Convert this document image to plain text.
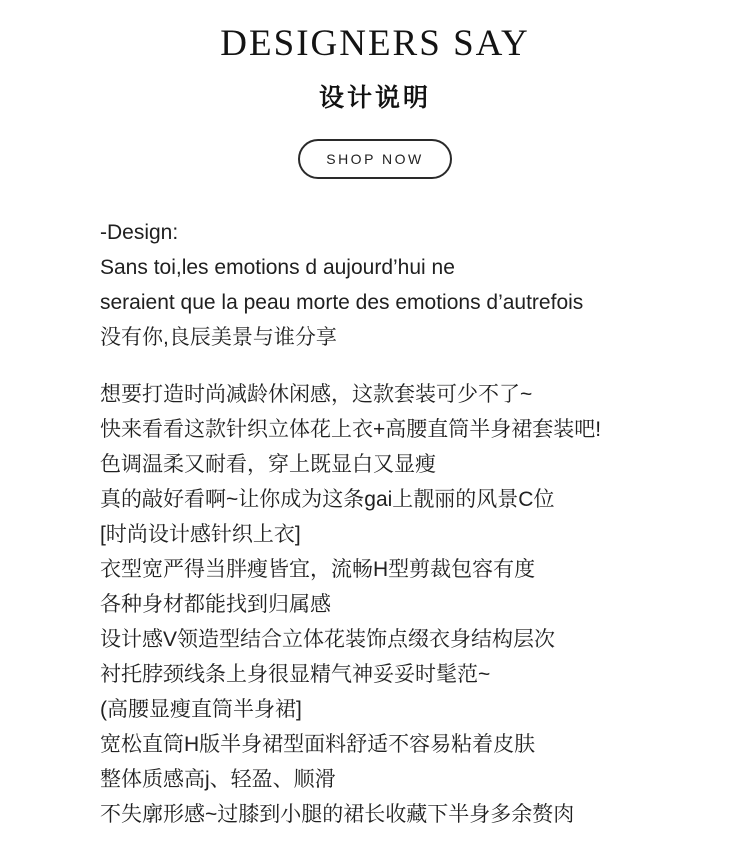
DESIGNERS SAY
设计说明
SHOP NOW

-Design:

Sans toi,les emotions d aujourd’hui ne

seraient que la peau morte des emotions d’autrefois

没有你,良辰美景与谁分享

想要打造时尚减龄休闲感，这款套装可少不了~

快来看看这款针织立体花上衣+高腰直筒半身裙套装吧!

色调温柔又耐看，穿上既显白又显瘦

真的敲好看啊~让你成为这条gai上靓丽的风景C位

[时尚设计感针织上衣]

衣型宽严得当胖瘦皆宜，流畅H型剪裁包容有度

各种身材都能找到归属感

设计感V领造型结合立体花装饰点缀衣身结构层次

衬托脖颈线条上身很显精气神妥妥时髦范~

(高腰显瘦直筒半身裙]

宽松直筒H版半身裙型面料舒适不容易粘着皮肤

整体质感高j、轻盈、顺滑

不失廓形感~过膝到小腿的裙长收藏下半身多余赘肉
